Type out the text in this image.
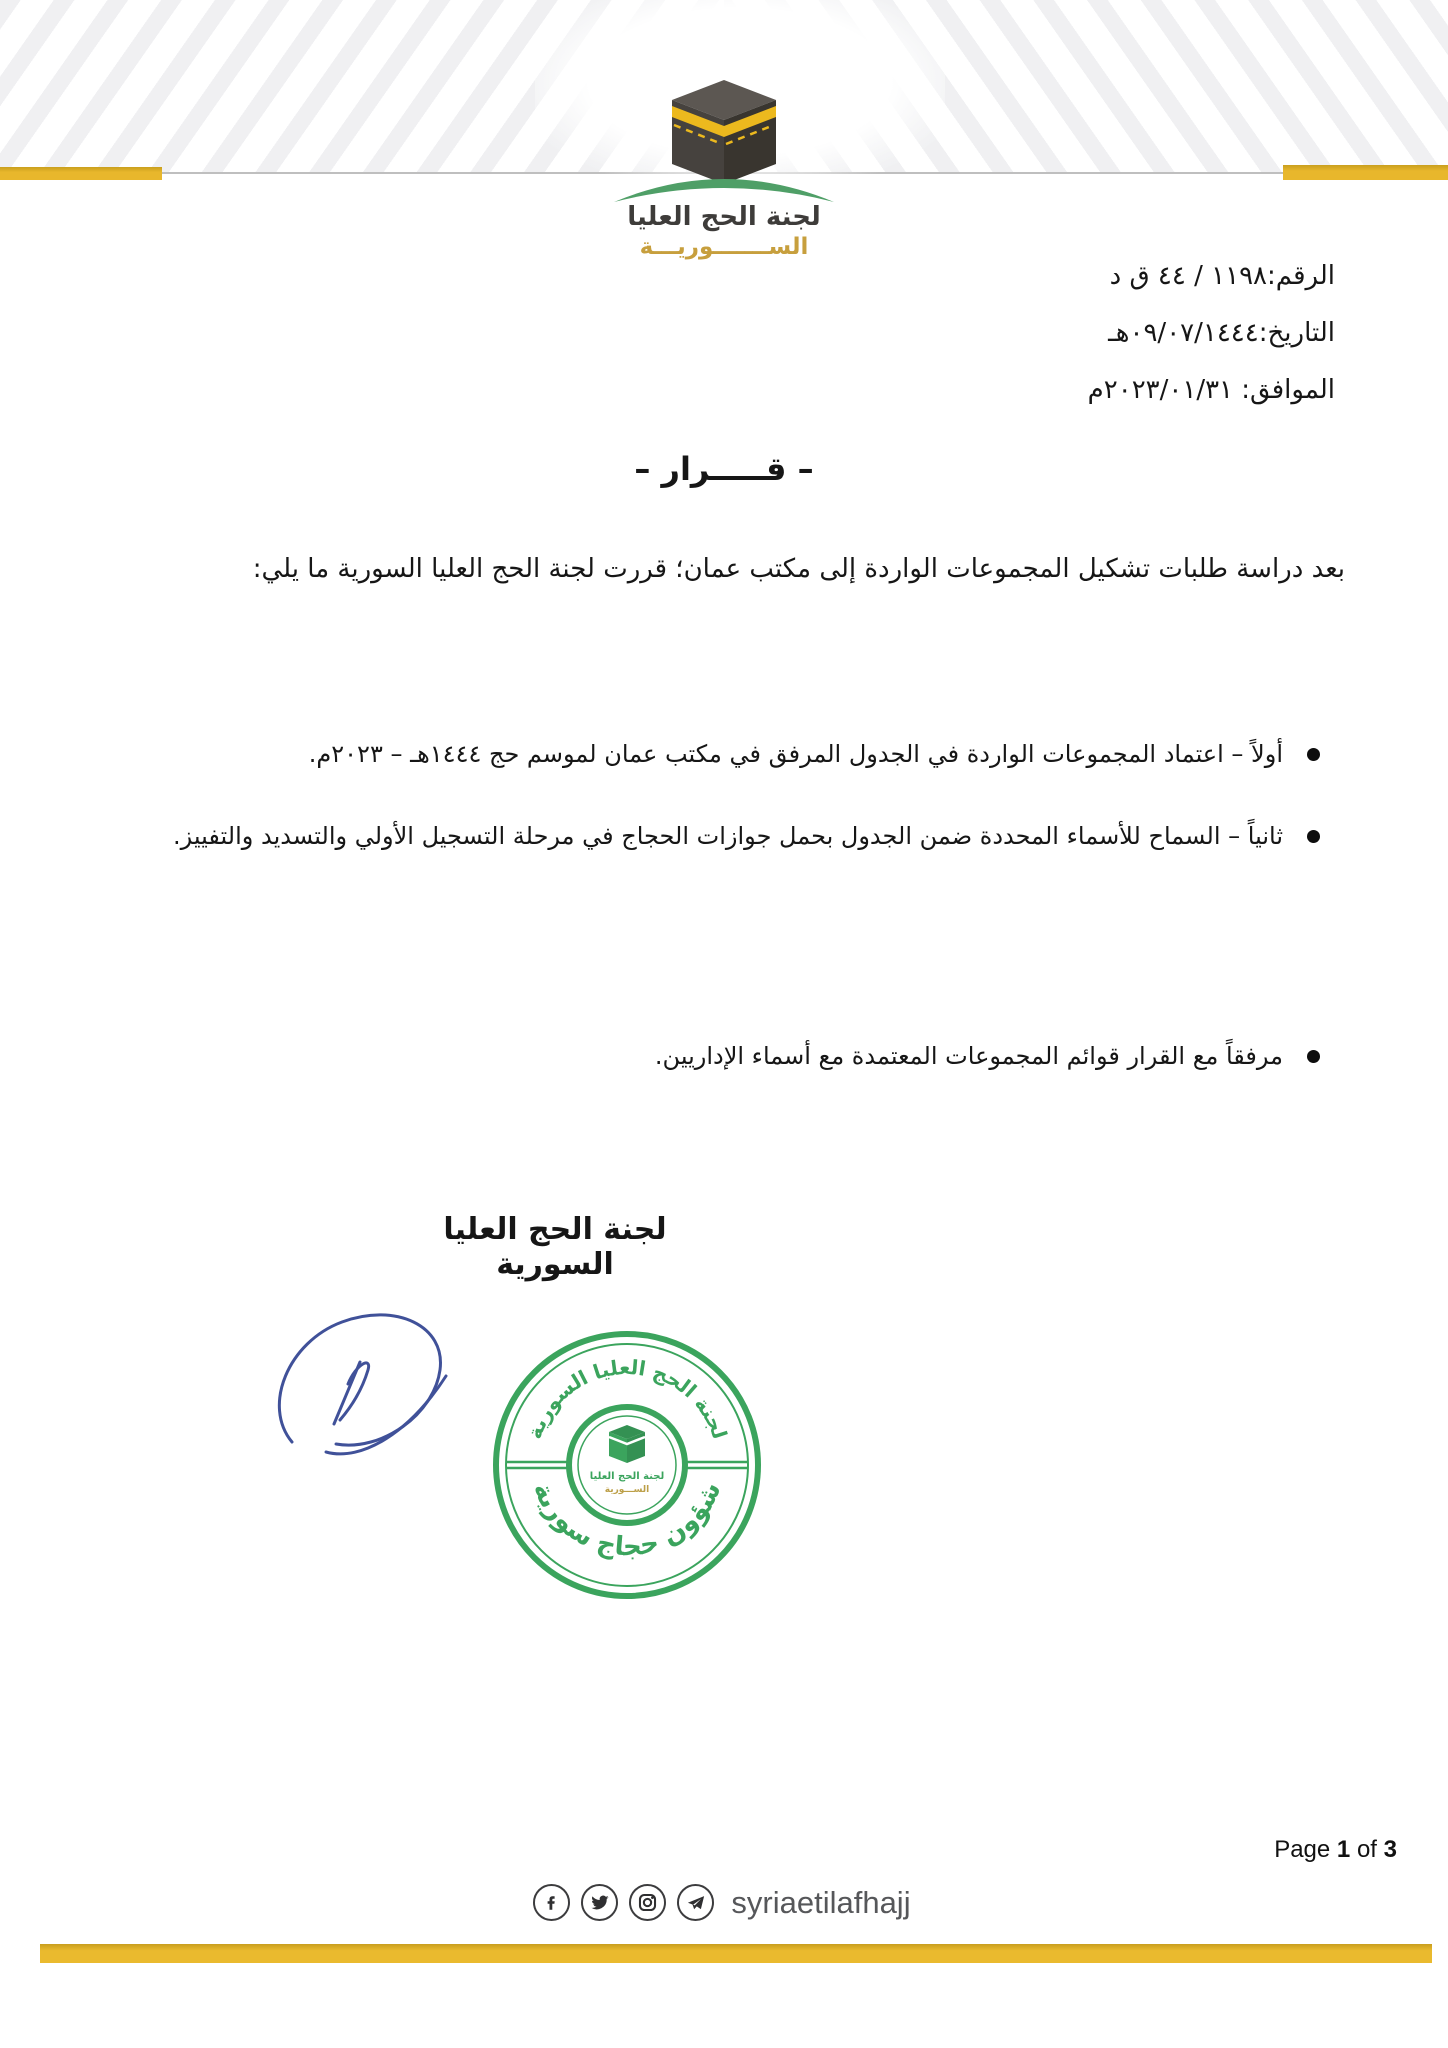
لجنة الحج العليا
الســـــــوريـــة
الرقم:١١٩٨ / ٤٤ ق د
التاريخ:٠٩/٠٧/١٤٤٤هـ
الموافق: ٢٠٢٣/٠١/٣١م
– قـــــرار –
بعد دراسة طلبات تشكيل المجموعات الواردة إلى مكتب عمان؛ قررت لجنة الحج العليا السورية ما يلي:
أولاً – اعتماد المجموعات الواردة في الجدول المرفق في مكتب عمان لموسم حج ١٤٤٤هـ – ٢٠٢٣م.
ثانياً – السماح للأسماء المحددة ضمن الجدول بحمل جوازات الحجاج في مرحلة التسجيل الأولي والتسديد والتفييز.
مرفقاً مع القرار قوائم المجموعات المعتمدة مع أسماء الإداريين.
لجنة الحج العليا السورية
لجنة الحج العليا السورية
شؤون حجاج سورية
لجنة الحج العليا
الســـورية
Page 1 of 3
syriaetilafhajj
